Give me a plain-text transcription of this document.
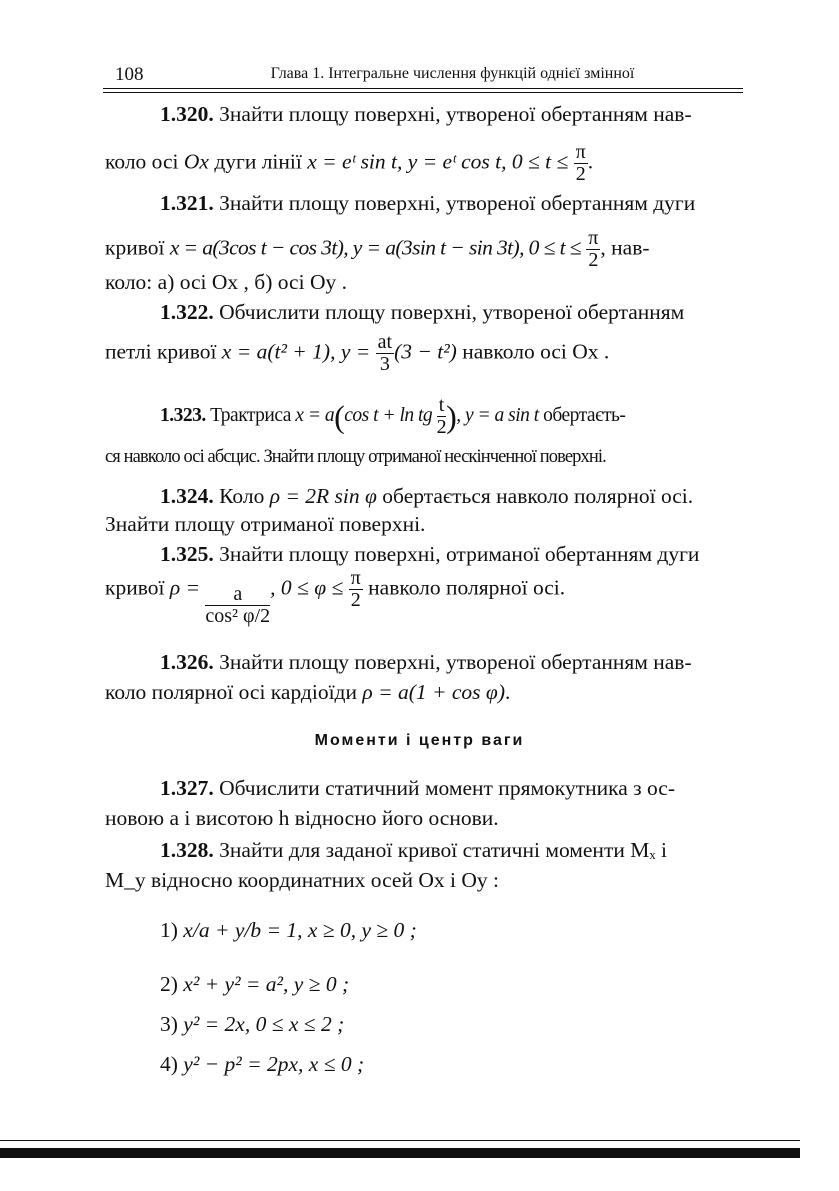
108	Глава 1. Інтегральне числення функцій однієї змінної
1.320. Знайти площу поверхні, утвореної обертанням нав-
коло осі Ох дуги лінії x = eᵗ sin t, y = eᵗ cos t, $0 \le t \le \frac{\pi}{2}$ .
1.321. Знайти площу поверхні, утвореної обертанням дуги
кривої x = a(3cos t − cos 3t), y = a(3sin t − sin 3t), $0 \le t \le \frac{\pi}{2}$ , нав-
коло: а) осі Ох , б) осі Оy .
1.322. Обчислити площу поверхні, утвореної обертанням
петлі кривої x = a(t² + 1), $y = \frac{at}{3} (3 - t^2)$ навколо осі Ох .
1.323. Трактриса x = a(cos t + ln tg $\frac{t}{2}$ ), y = a sin t обертаєть-
ся навколо осі абсцис. Знайти площу отриманої нескінченної поверхні.
1.324. Коло ρ = 2R sin φ обертається навколо полярної осі.
Знайти площу отриманої поверхні.
1.325. Знайти площу поверхні, отриманої обертанням дуги
кривої $\rho = \frac{a}{\text{cos² φ/2}}$ , $0 \le \varphi \le \frac{\pi}{2}$ навколо полярної осі.
1.326. Знайти площу поверхні, утвореної обертанням нав-
коло полярної осі кардіоїди ρ = a(1 + cos φ).
Моменти і центр ваги
1.327. Обчислити статичний момент прямокутника з ос-
новою a і висотою h відносно його основи.
1.328. Знайти для заданої кривої статичні моменти Mₓ і
M_y відносно координатних осей Ох і Оy :
1) x/a + y/b = 1, x ≥ 0, y ≥ 0 ;
2) x² + y² = a², y ≥ 0 ;
3) y² = 2x, 0 ≤ x ≤ 2 ;
4) y² − p² = 2px, x ≤ 0 ;
